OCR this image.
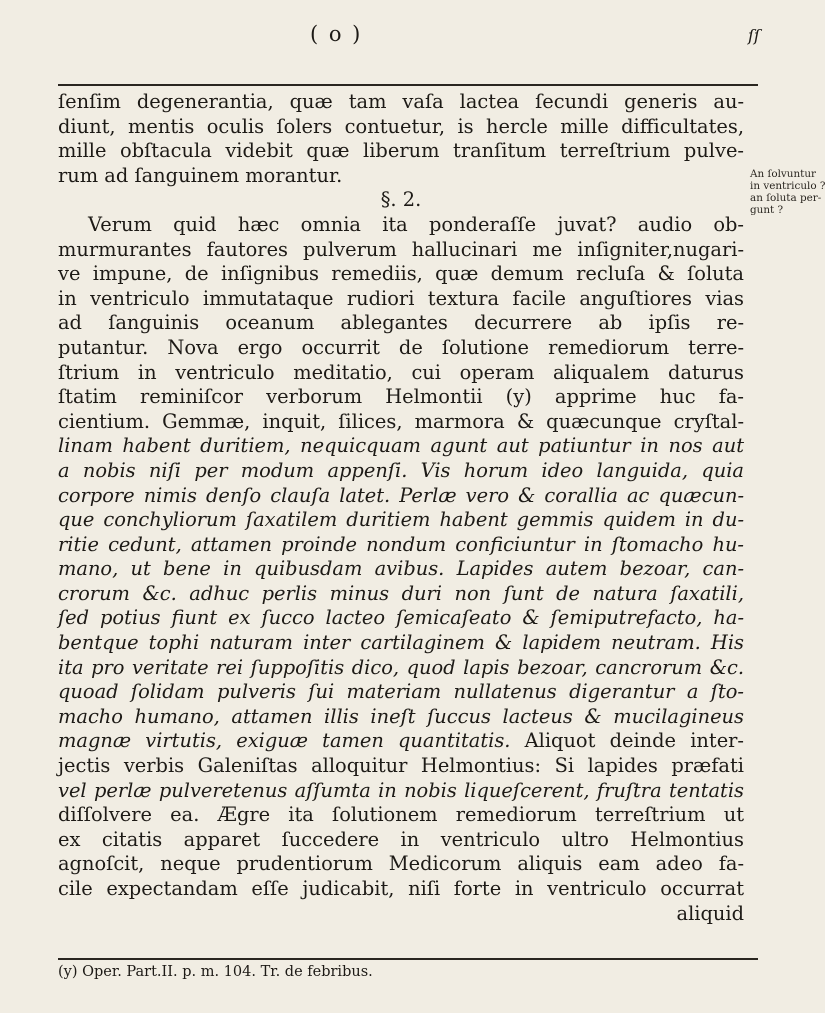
( o )	ſſ
ſenſim degenerantia, quæ tam vaſa lactea ſecundi generis au-
diunt, mentis oculis ſolers contuetur, is hercle mille difficultates,
mille obſtacula videbit quæ liberum tranſitum terreſtrium pulve-
rum ad ſanguinem morantur.
§. 2.
Verum quid hæc omnia ita ponderaſſe juvat? audio ob-
murmurantes fautores pulverum hallucinari me inſigniter,nugari-
ve impune, de inſignibus remediis, quæ demum recluſa & ſoluta
in ventriculo immutataque rudiori textura facile anguſtiores vias
ad ſanguinis oceanum ablegantes decurrere ab ipſis re-
putantur. Nova ergo occurrit de ſolutione remediorum terre-
ſtrium in ventriculo meditatio, cui operam aliqualem daturus
ſtatim reminiſcor verborum Helmontii (y) apprime huc fa-
cientium. Gemmæ, inquit, ſilices, marmora & quæcunque cryſtal-
linam habent duritiem, nequicquam agunt aut patiuntur in nos aut
a nobis niſi per modum appenſi. Vis horum ideo languida, quia
corpore nimis denſo clauſa latet. Perlæ vero & corallia ac quæcun-
que conchyliorum ſaxatilem duritiem habent gemmis quidem in du-
ritie cedunt, attamen proinde nondum conficiuntur in ſtomacho hu-
mano, ut bene in quibusdam avibus. Lapides autem bezoar, can-
crorum &c. adhuc perlis minus duri non ſunt de natura ſaxatili,
ſed potius fiunt ex ſucco lacteo ſemicaſeato & ſemiputrefacto, ha-
bentque tophi naturam inter cartilaginem & lapidem neutram. His
ita pro veritate rei ſuppoſitis dico, quod lapis bezoar, cancrorum &c.
quoad ſolidam pulveris ſui materiam nullatenus digerantur a ſto-
macho humano, attamen illis ineſt ſuccus lacteus & mucilagineus
magnæ virtutis, exiguæ tamen quantitatis. Aliquot deinde inter-
jectis verbis Galeniſtas alloquitur Helmontius: Si lapides præfati
vel perlæ pulveretenus aſſumta in nobis liqueſcerent, fruſtra tentatis
diſſolvere ea. Ægre ita ſolutionem remediorum terreſtrium ut
ex citatis apparet ſuccedere in ventriculo ultro Helmontius
agnoſcit, neque prudentiorum Medicorum aliquis eam adeo fa-
cile expectandam eſſe judicabit, niſi forte in ventriculo occurrat
aliquid
An ſolvuntur
in ventriculo ?
an ſoluta per-
gunt ?
(y) Oper. Part.II. p. m. 104. Tr. de febribus.
